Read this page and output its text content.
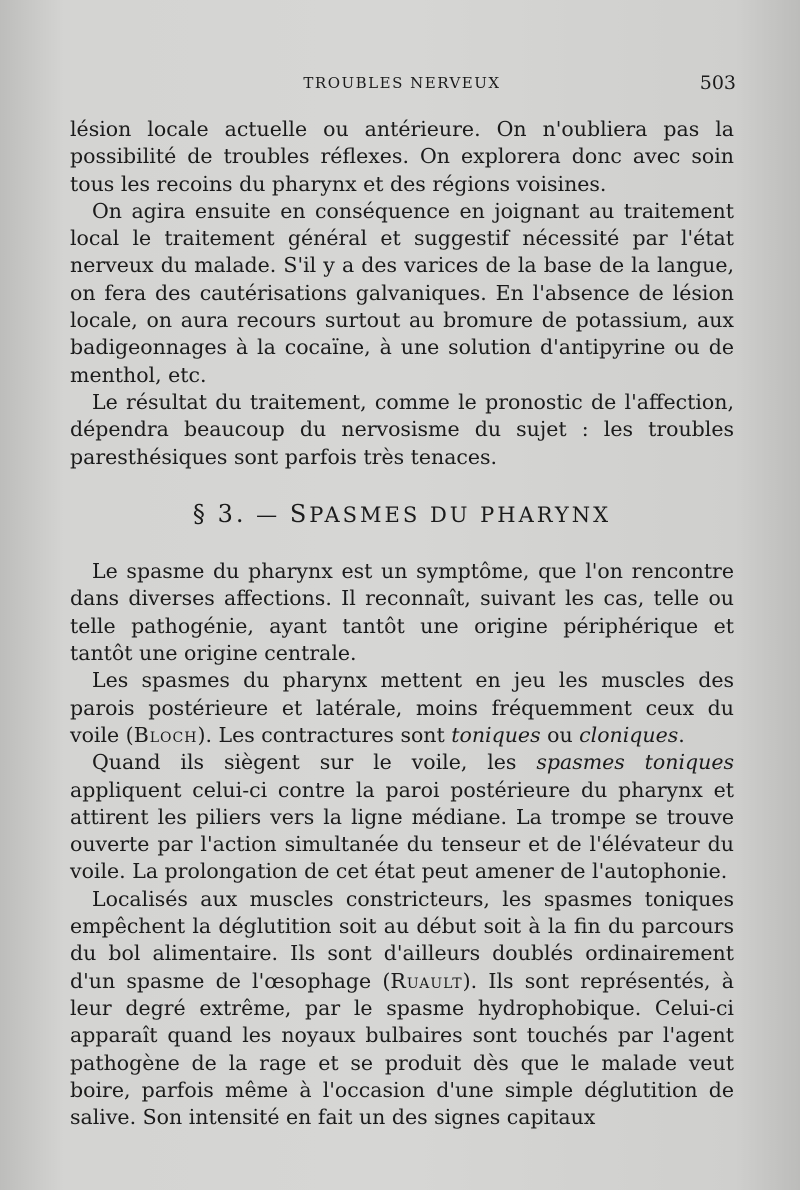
TROUBLES NERVEUX	503

lésion locale actuelle ou antérieure. On n'oubliera pas la possibilité de troubles réflexes. On explorera donc avec soin tous les recoins du pharynx et des régions voisines.

On agira ensuite en conséquence en joignant au traitement local le traitement général et suggestif nécessité par l'état nerveux du malade. S'il y a des varices de la base de la langue, on fera des cautérisations galvaniques. En l'absence de lésion locale, on aura recours surtout au bromure de potassium, aux badigeonnages à la cocaïne, à une solution d'antipyrine ou de menthol, etc.

Le résultat du traitement, comme le pronostic de l'affection, dépendra beaucoup du nervosisme du sujet : les troubles paresthésiques sont parfois très tenaces.

§ 3. — SPASMES DU PHARYNX

Le spasme du pharynx est un symptôme, que l'on rencontre dans diverses affections. Il reconnaît, suivant les cas, telle ou telle pathogénie, ayant tantôt une origine périphérique et tantôt une origine centrale.

Les spasmes du pharynx mettent en jeu les muscles des parois postérieure et latérale, moins fréquemment ceux du voile (Bloch). Les contractures sont toniques ou cloniques.

Quand ils siègent sur le voile, les spasmes toniques appliquent celui-ci contre la paroi postérieure du pharynx et attirent les piliers vers la ligne médiane. La trompe se trouve ouverte par l'action simultanée du tenseur et de l'élévateur du voile. La prolongation de cet état peut amener de l'autophonie.

Localisés aux muscles constricteurs, les spasmes toniques empêchent la déglutition soit au début soit à la fin du parcours du bol alimentaire. Ils sont d'ailleurs doublés ordinairement d'un spasme de l'œsophage (Ruault). Ils sont représentés, à leur degré extrême, par le spasme hydrophobique. Celui-ci apparaît quand les noyaux bulbaires sont touchés par l'agent pathogène de la rage et se produit dès que le malade veut boire, parfois même à l'occasion d'une simple déglutition de salive. Son intensité en fait un des signes capitaux
